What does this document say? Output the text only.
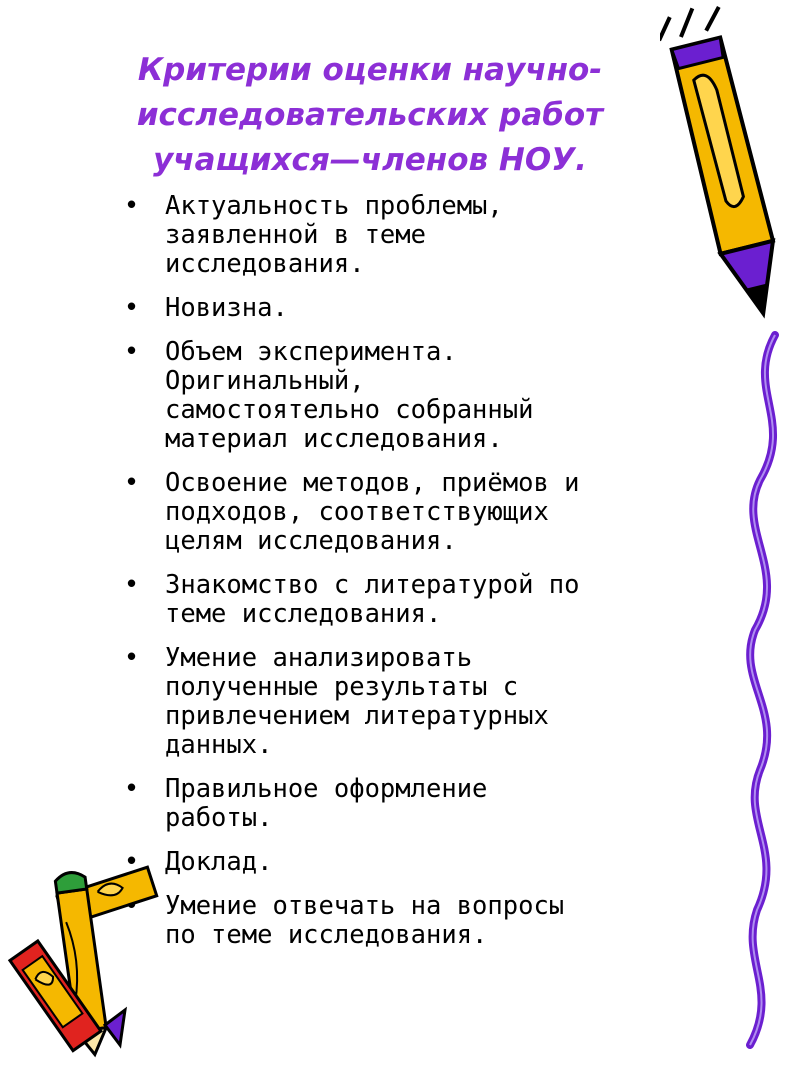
Критерии оценки научно-
исследовательских работ
учащихся—членов НОУ.
• Актуальность проблемы,
заявленной в теме
исследования.
• Новизна.
• Объем эксперимента.
Оригинальный,
самостоятельно собранный
материал исследования.
• Освоение методов, приёмов и
подходов, соответствующих
целям исследования.
• Знакомство с литературой по
теме исследования.
• Умение анализировать
полученные результаты с
привлечением литературных
данных.
• Правильное оформление
работы.
• Доклад.
• Умение отвечать на вопросы
по теме исследования.
